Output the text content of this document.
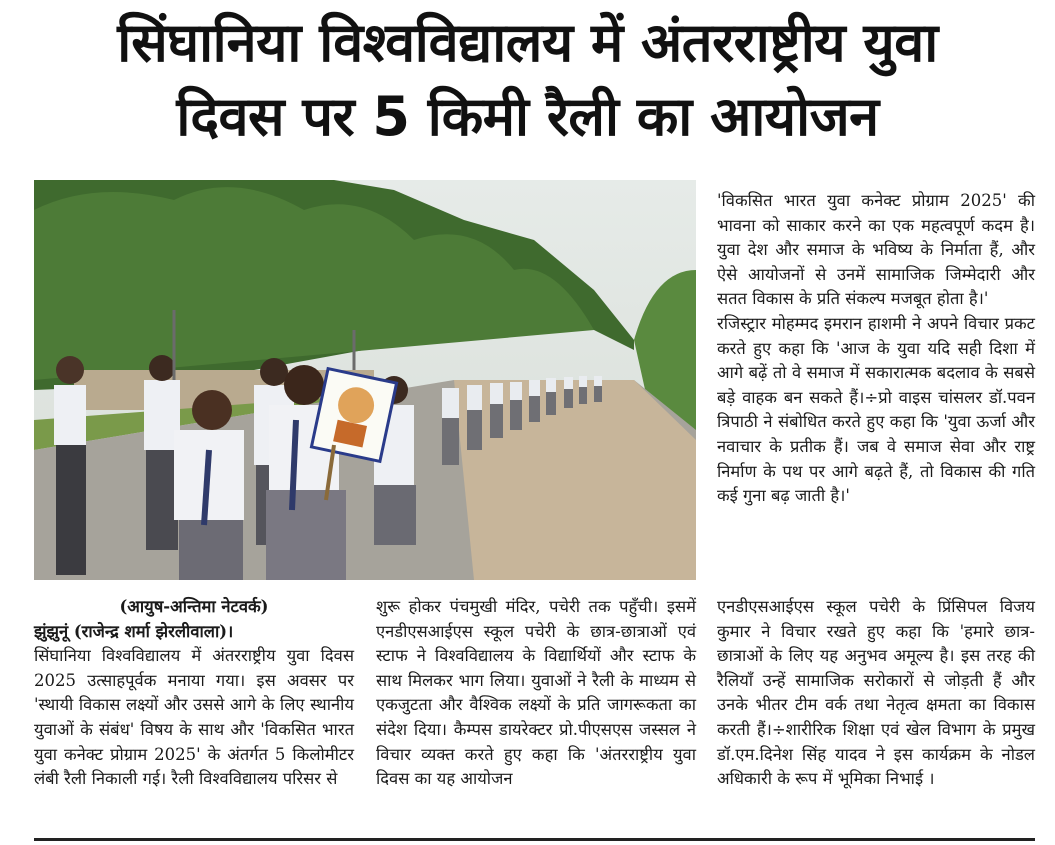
सिंघानिया विश्वविद्यालय में अंतरराष्ट्रीय युवा
दिवस पर 5 किमी रैली का आयोजन

'विकसित भारत युवा कनेक्ट प्रोग्राम 2025' की भावना को साकार करने का एक महत्वपूर्ण कदम है। युवा देश और समाज के भविष्य के निर्माता हैं, और ऐसे आयोजनों से उनमें सामाजिक जिम्मेदारी और सतत विकास के प्रति संकल्प मजबूत होता है।'

रजिस्ट्रार मोहम्मद इमरान हाशमी ने अपने विचार प्रकट करते हुए कहा कि 'आज के युवा यदि सही दिशा में आगे बढ़ें तो वे समाज में सकारात्मक बदलाव के सबसे बड़े वाहक बन सकते हैं।÷प्रो वाइस चांसलर डॉ.पवन त्रिपाठी ने संबोधित करते हुए कहा कि 'युवा ऊर्जा और नवाचार के प्रतीक हैं। जब वे समाज सेवा और राष्ट्र निर्माण के पथ पर आगे बढ़ते हैं, तो विकास की गति कई गुना बढ़ जाती है।'

(आयुष-अन्तिमा नेटवर्क)

झुंझुनूं (राजेन्द्र शर्मा झेरलीवाला)।

सिंघानिया विश्वविद्यालय में अंतरराष्ट्रीय युवा दिवस 2025 उत्साहपूर्वक मनाया गया। इस अवसर पर 'स्थायी विकास लक्ष्यों और उससे आगे के लिए स्थानीय युवाओं के संबंध' विषय के साथ और 'विकसित भारत युवा कनेक्ट प्रोग्राम 2025' के अंतर्गत 5 किलोमीटर लंबी रैली निकाली गई। रैली विश्वविद्यालय परिसर से

शुरू होकर पंचमुखी मंदिर, पचेरी तक पहुँची। इसमें एनडीएसआईएस स्कूल पचेरी के छात्र-छात्राओं एवं स्टाफ ने विश्वविद्यालय के विद्यार्थियों और स्टाफ के साथ मिलकर भाग लिया। युवाओं ने रैली के माध्यम से एकजुटता और वैश्विक लक्ष्यों के प्रति जागरूकता का संदेश दिया। कैम्पस डायरेक्टर प्रो.पीएसएस जस्सल ने विचार व्यक्त करते हुए कहा कि 'अंतरराष्ट्रीय युवा दिवस का यह आयोजन

एनडीएसआईएस स्कूल पचेरी के प्रिंसिपल विजय कुमार ने विचार रखते हुए कहा कि 'हमारे छात्र-छात्राओं के लिए यह अनुभव अमूल्य है। इस तरह की रैलियाँ उन्हें सामाजिक सरोकारों से जोड़ती हैं और उनके भीतर टीम वर्क तथा नेतृत्व क्षमता का विकास करती हैं।÷शारीरिक शिक्षा एवं खेल विभाग के प्रमुख डॉ.एम.दिनेश सिंह यादव ने इस कार्यक्रम के नोडल अधिकारी के रूप में भूमिका निभाई ।
